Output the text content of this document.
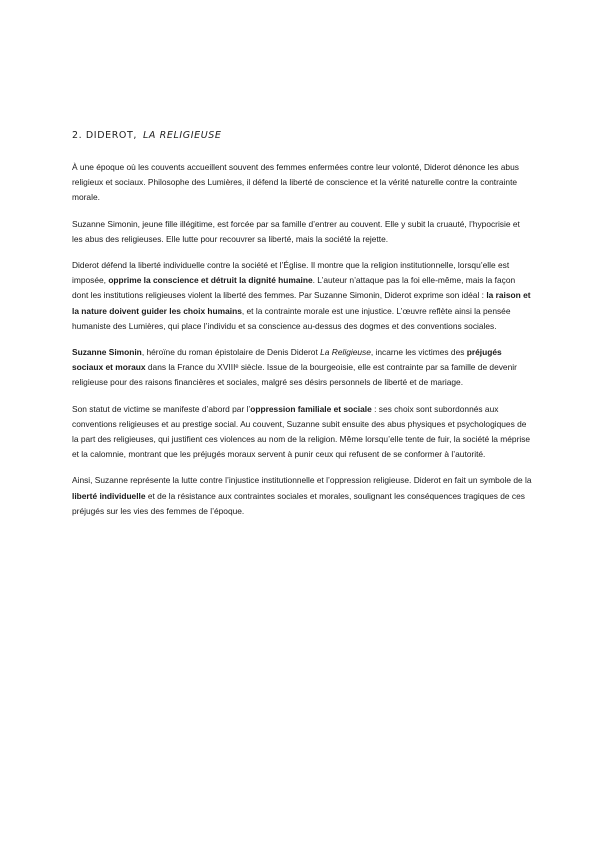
2. DIDEROT, LA RELIGIEUSE

À une époque où les couvents accueillent souvent des femmes enfermées contre leur volonté, Diderot dénonce les abus religieux et sociaux. Philosophe des Lumières, il défend la liberté de conscience et la vérité naturelle contre la contrainte morale.

Suzanne Simonin, jeune fille illégitime, est forcée par sa famille d’entrer au couvent. Elle y subit la cruauté, l’hypocrisie et les abus des religieuses. Elle lutte pour recouvrer sa liberté, mais la société la rejette.

Diderot défend la liberté individuelle contre la société et l’Église. Il montre que la religion institutionnelle, lorsqu’elle est imposée, opprime la conscience et détruit la dignité humaine. L’auteur n’attaque pas la foi elle-même, mais la façon dont les institutions religieuses violent la liberté des femmes. Par Suzanne Simonin, Diderot exprime son idéal : la raison et la nature doivent guider les choix humains, et la contrainte morale est une injustice. L’œuvre reflète ainsi la pensée humaniste des Lumières, qui place l’individu et sa conscience au-dessus des dogmes et des conventions sociales.

Suzanne Simonin, héroïne du roman épistolaire de Denis Diderot La Religieuse, incarne les victimes des préjugés sociaux et moraux dans la France du XVIIIᵉ siècle. Issue de la bourgeoisie, elle est contrainte par sa famille de devenir religieuse pour des raisons financières et sociales, malgré ses désirs personnels de liberté et de mariage.

Son statut de victime se manifeste d’abord par l’oppression familiale et sociale : ses choix sont subordonnés aux conventions religieuses et au prestige social. Au couvent, Suzanne subit ensuite des abus physiques et psychologiques de la part des religieuses, qui justifient ces violences au nom de la religion. Même lorsqu’elle tente de fuir, la société la méprise et la calomnie, montrant que les préjugés moraux servent à punir ceux qui refusent de se conformer à l’autorité.

Ainsi, Suzanne représente la lutte contre l’injustice institutionnelle et l’oppression religieuse. Diderot en fait un symbole de la liberté individuelle et de la résistance aux contraintes sociales et morales, soulignant les conséquences tragiques de ces préjugés sur les vies des femmes de l’époque.
